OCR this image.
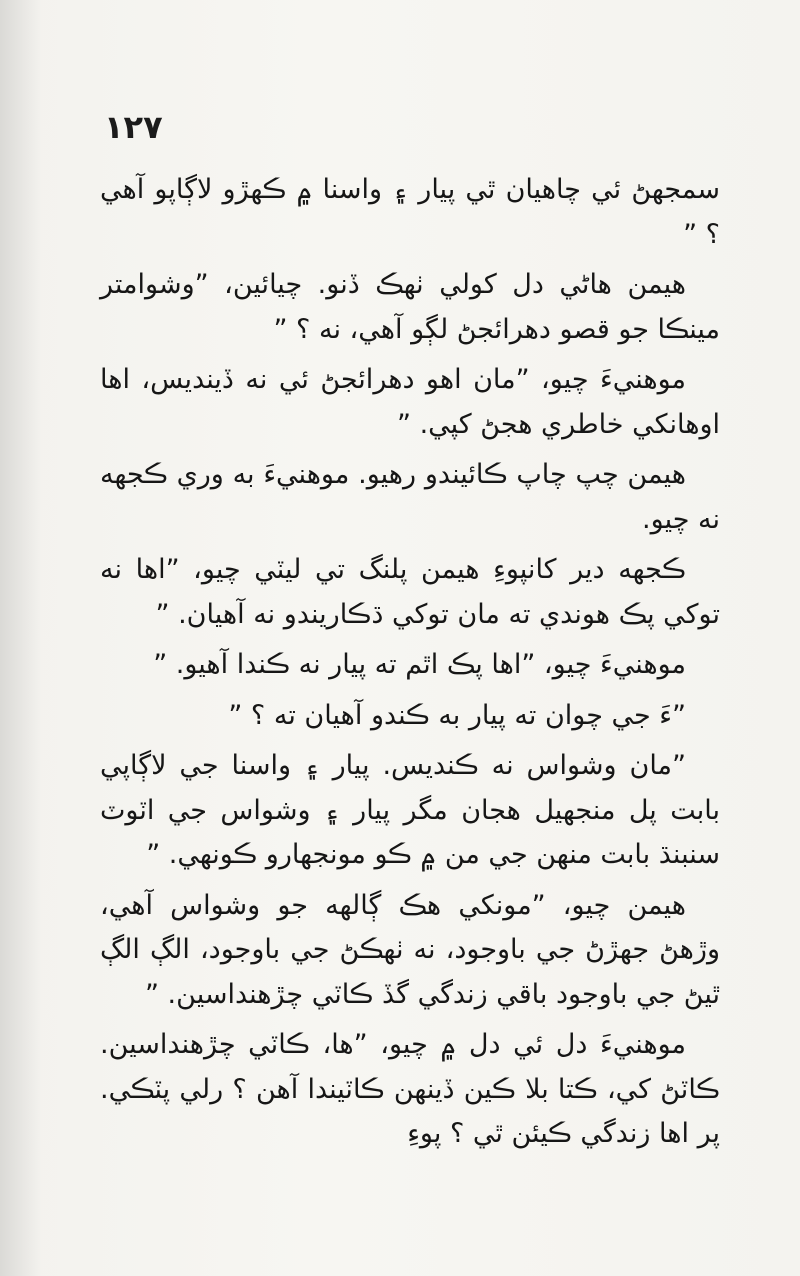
١٢٧

سمجهڻ ئي چاهيان ٿي پيار ۽ واسنا ۾ ڪهڙو لاڳاپو آهي ؟ ”

هيمن هاڻي دل کولي ٺهڪ ڏنو. چيائين، ”وشوامتر مينڪا جو قصو دهرائجڻ لڳو آهي، نه ؟ ”

موهنيءَ چيو، ”مان اهو دهرائجڻ ئي نه ڏينديس، اها اوهانکي خاطري هجڻ کپي. ”

هيمن چپ چاپ ڪائيندو رهيو. موهنيءَ به وري ڪجهه نه چيو.

ڪجهه دير کانپوءِ هيمن پلنگ تي ليٽي چيو، ”اها نه توکي پڪ هوندي ته مان توکي ڌڪاريندو نه آهيان. ”

موهنيءَ چيو، ”اها پڪ اٿم ته پيار نه ڪندا آهيو. ”

”ءَ جي چوان ته پيار به ڪندو آهيان ته ؟ ”

”مان وشواس نه ڪنديس. پيار ۽ واسنا جي لاڳاپي بابت پل منجهيل هجان مگر پيار ۽ وشواس جي اٽوٽ سنبنڌ بابت منهن جي من ۾ ڪو مونجهارو ڪونهي. ”

هيمن چيو، ”مونکي هڪ ڳالهه جو وشواس آهي، وڙهڻ جهڙڻ جي باوجود، نه ٺهڪڻ جي باوجود، الڳ الڳ ٿيڻ جي باوجود باقي زندگي گڏ ڪاٽي چڙهنداسين. ”

موهنيءَ دل ئي دل ۾ چيو، ”ها، ڪاٽي چڙهنداسين. ڪاٽڻ کي، ڪتا بلا ڪين ڏينهن ڪاٽيندا آهن ؟ رلي پٽڪي. پر اها زندگي ڪيئن ٿي ؟ پوءِ
